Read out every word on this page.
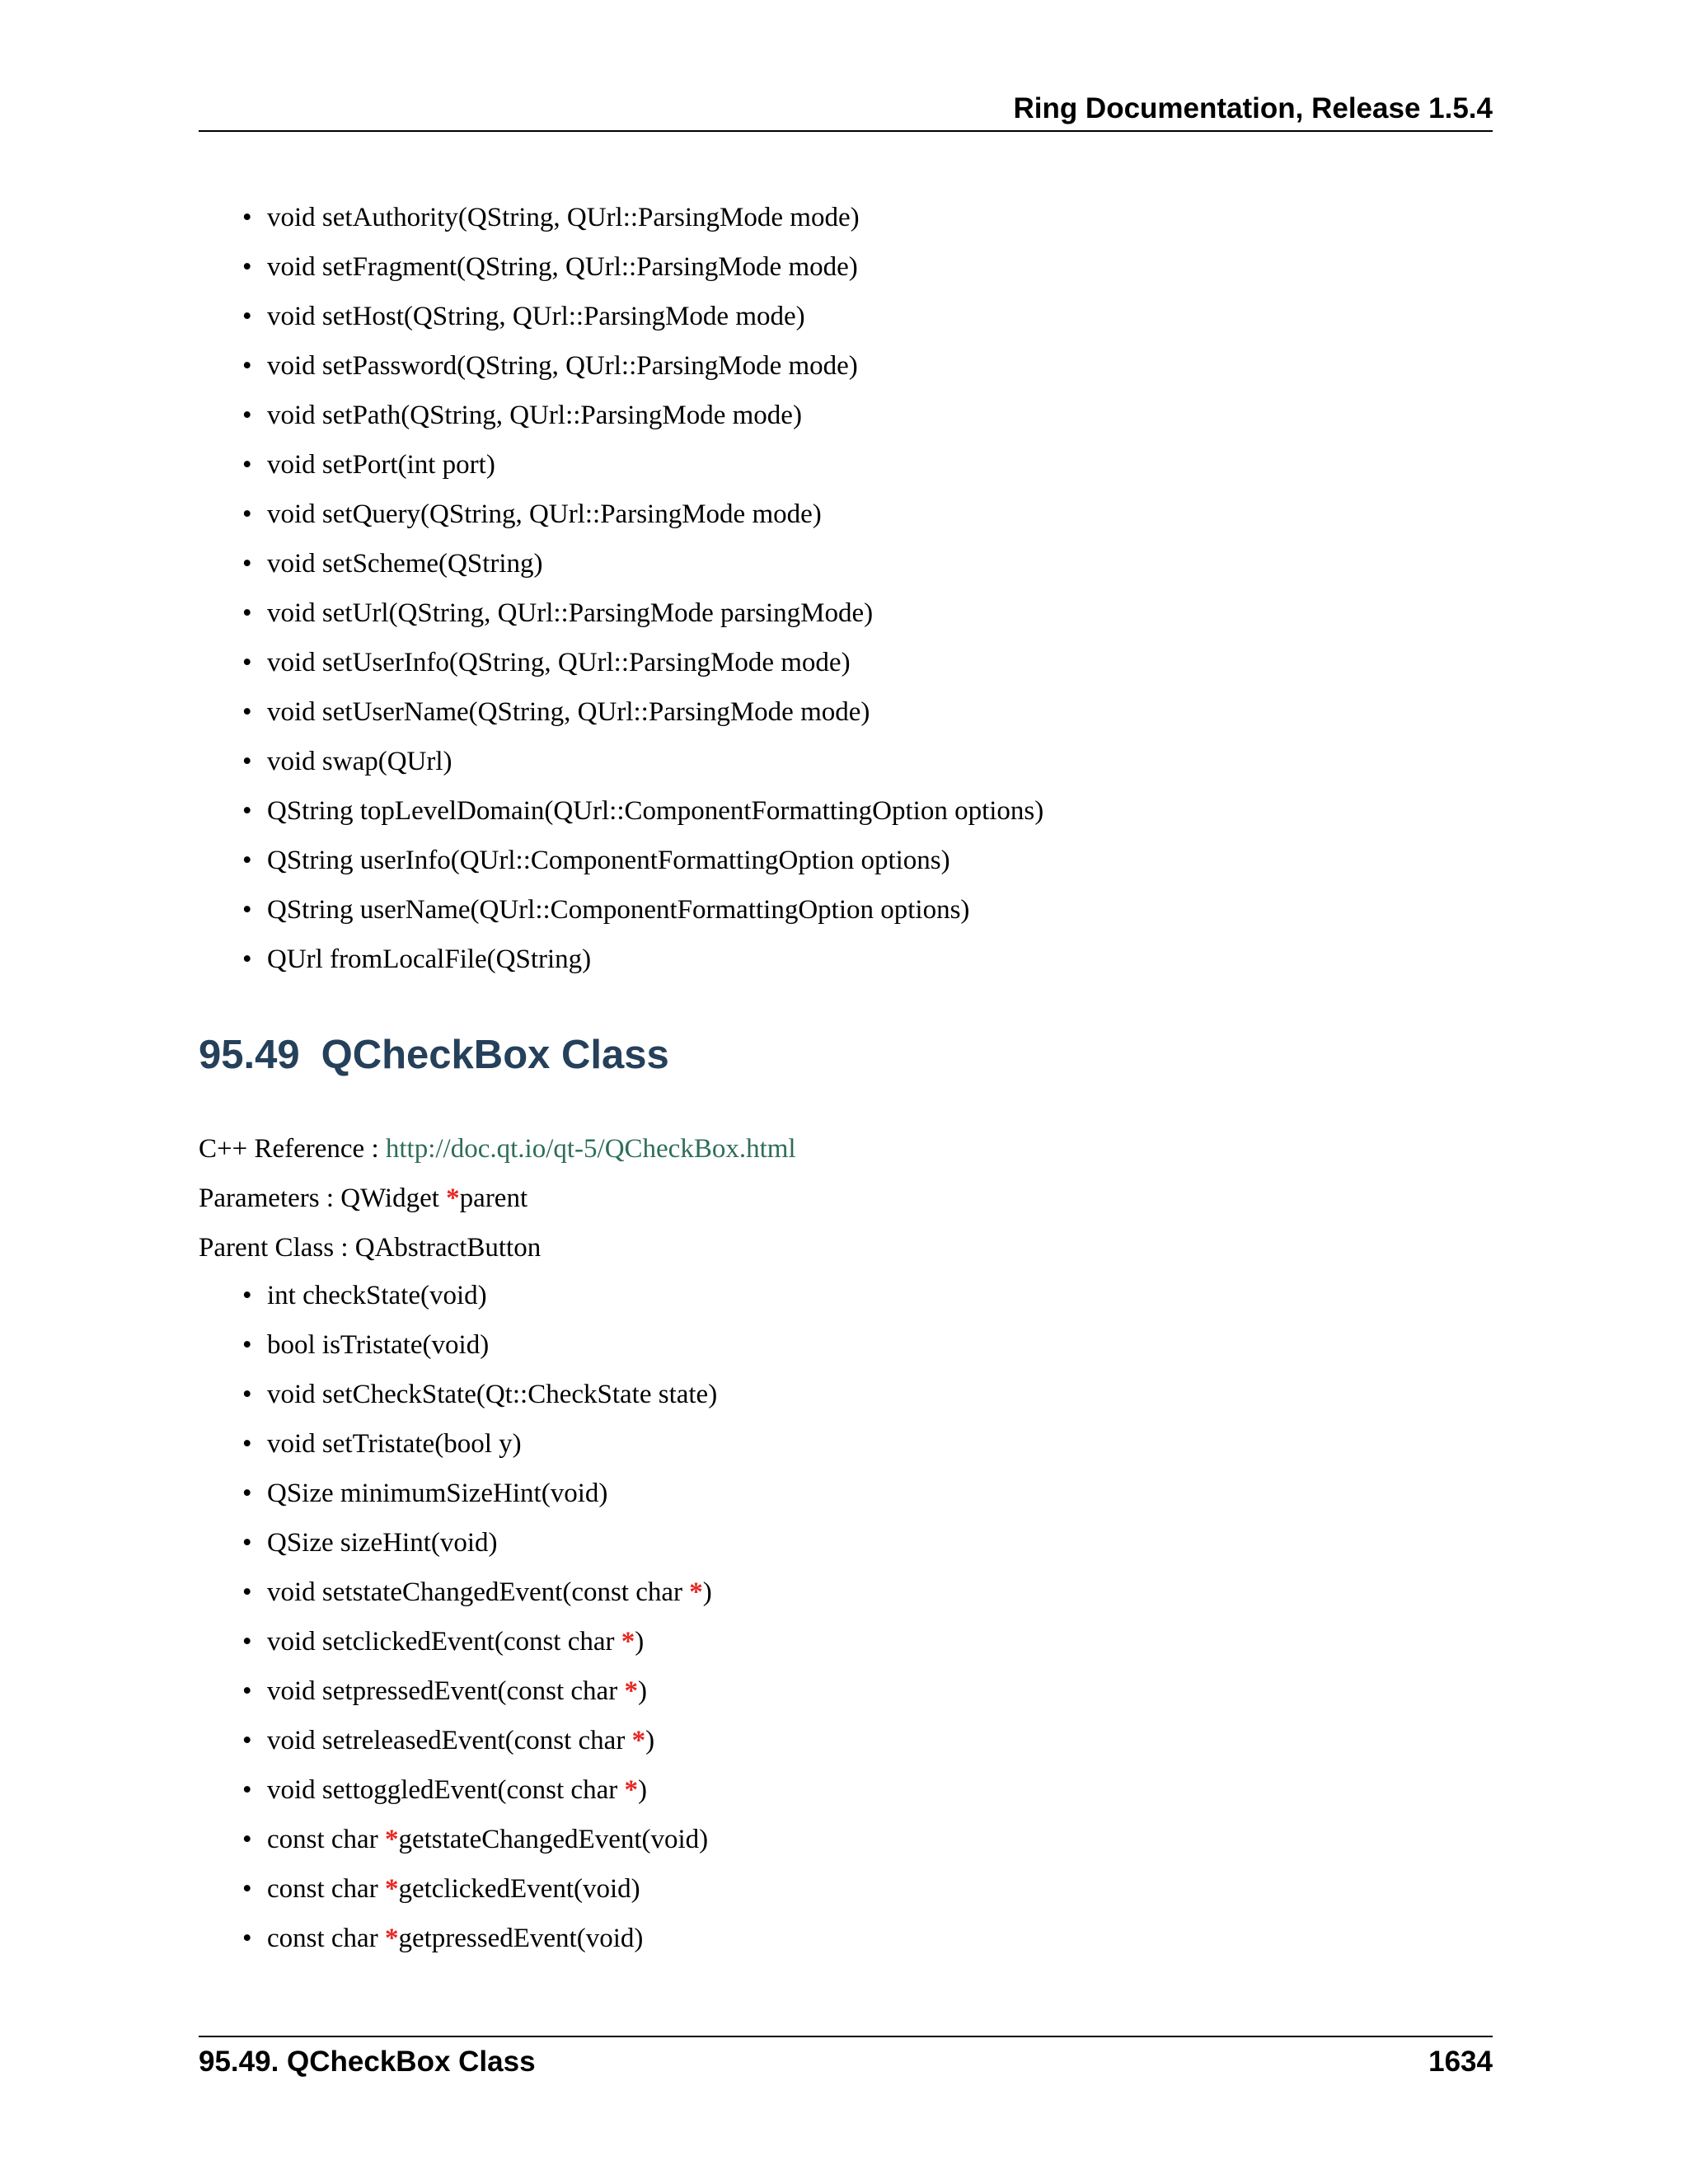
Ring Documentation, Release 1.5.4
• void setAuthority(QString, QUrl::ParsingMode mode)
• void setFragment(QString, QUrl::ParsingMode mode)
• void setHost(QString, QUrl::ParsingMode mode)
• void setPassword(QString, QUrl::ParsingMode mode)
• void setPath(QString, QUrl::ParsingMode mode)
• void setPort(int port)
• void setQuery(QString, QUrl::ParsingMode mode)
• void setScheme(QString)
• void setUrl(QString, QUrl::ParsingMode parsingMode)
• void setUserInfo(QString, QUrl::ParsingMode mode)
• void setUserName(QString, QUrl::ParsingMode mode)
• void swap(QUrl)
• QString topLevelDomain(QUrl::ComponentFormattingOption options)
• QString userInfo(QUrl::ComponentFormattingOption options)
• QString userName(QUrl::ComponentFormattingOption options)
• QUrl fromLocalFile(QString)
95.49 QCheckBox Class
C++ Reference : http://doc.qt.io/qt-5/QCheckBox.html
Parameters : QWidget *parent
Parent Class : QAbstractButton
• int checkState(void)
• bool isTristate(void)
• void setCheckState(Qt::CheckState state)
• void setTristate(bool y)
• QSize minimumSizeHint(void)
• QSize sizeHint(void)
• void setstateChangedEvent(const char *)
• void setclickedEvent(const char *)
• void setpressedEvent(const char *)
• void setreleasedEvent(const char *)
• void settoggledEvent(const char *)
• const char *getstateChangedEvent(void)
• const char *getclickedEvent(void)
• const char *getpressedEvent(void)
95.49. QCheckBox Class	1634
